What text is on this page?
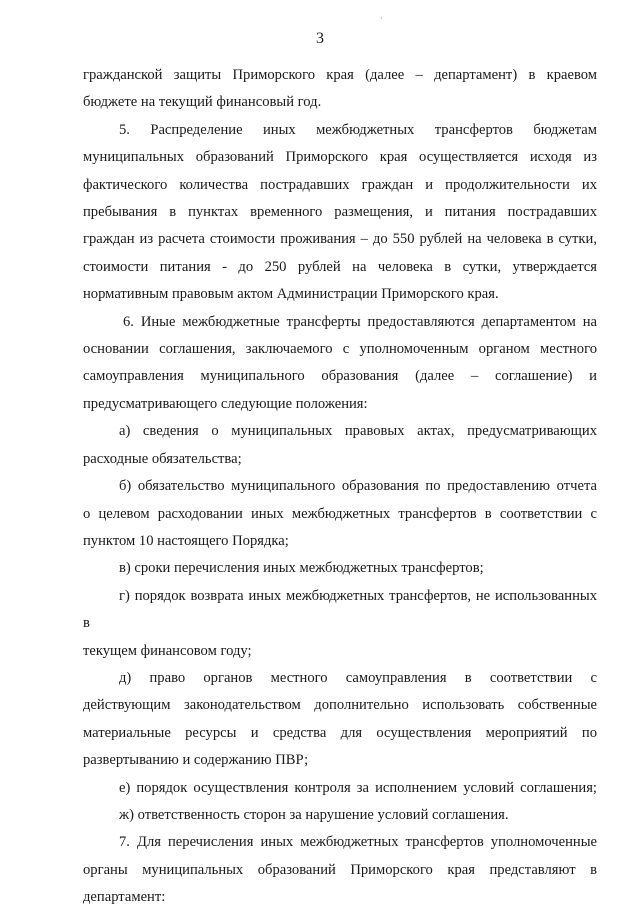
·
3

гражданской защиты Приморского края (далее – департамент) в краевом

бюджете на текущий финансовый год.

5. Распределение иных межбюджетных трансфертов бюджетам

муниципальных образований Приморского края осуществляется исходя из

фактического количества пострадавших граждан и продолжительности их

пребывания в пунктах временного размещения, и питания пострадавших

граждан из расчета стоимости проживания – до 550 рублей на человека в сутки,

стоимости питания - до 250 рублей на человека в сутки, утверждается

нормативным правовым актом Администрации Приморского края.

6. Иные межбюджетные трансферты предоставляются департаментом на

основании соглашения, заключаемого с уполномоченным органом местного

самоуправления муниципального образования (далее – соглашение) и

предусматривающего следующие положения:

а) сведения о муниципальных правовых актах, предусматривающих

расходные обязательства;

б) обязательство муниципального образования по предоставлению отчета

о целевом расходовании иных межбюджетных трансфертов в соответствии с

пунктом 10 настоящего Порядка;

в) сроки перечисления иных межбюджетных трансфертов;

г) порядок возврата иных межбюджетных трансфертов, не использованных в

текущем финансовом году;

д) право органов местного самоуправления в соответствии с

действующим законодательством дополнительно использовать собственные

материальные ресурсы и средства для осуществления мероприятий по

развертыванию и содержанию ПВР;

е) порядок осуществления контроля за исполнением условий соглашения;

ж) ответственность сторон за нарушение условий соглашения.

7. Для перечисления иных межбюджетных трансфертов уполномоченные

органы муниципальных образований Приморского края представляют в

департамент:
